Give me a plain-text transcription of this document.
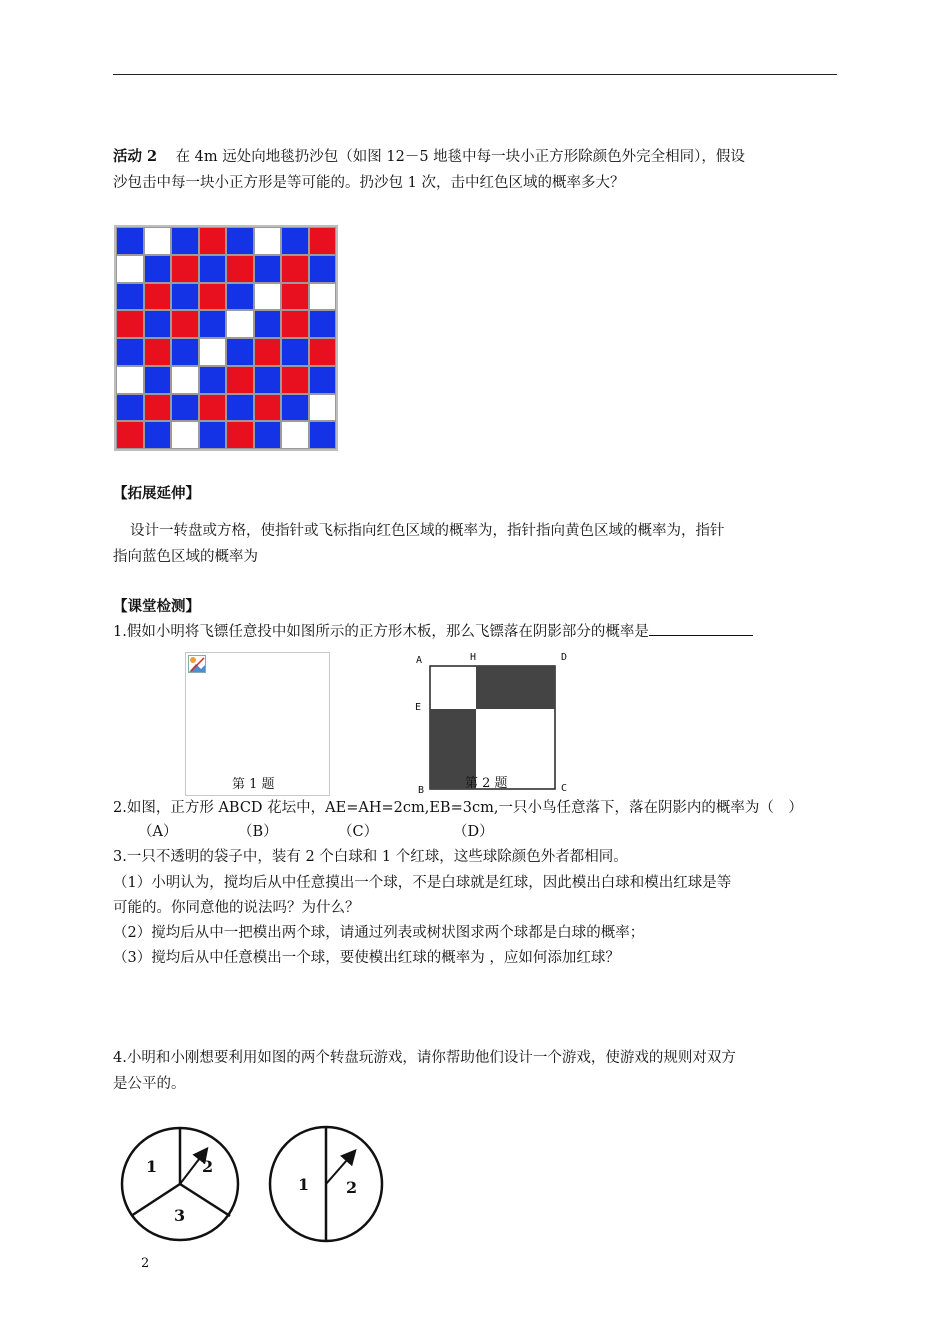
活动 2 在 4m 远处向地毯扔沙包（如图 12－5 地毯中每一块小正方形除颜色外完全相同），假设
沙包击中每一块小正方形是等可能的。扔沙包 1 次，击中红色区域的概率多大？
【拓展延伸】
设计一转盘或方格，使指针或飞标指向红色区域的概率为，指针指向黄色区域的概率为，指针
指向蓝色区域的概率为
【课堂检测】
1.假如小明将飞镖任意投中如图所示的正方形木板，那么飞镖落在阴影部分的概率是
第 1 题
A	H	D
E
B	C
第 2 题
2.如图，正方形 ABCD 花坛中，AE=AH=2cm,EB=3cm,一只小鸟任意落下，落在阴影内的概率为（　）
（A）	（B）	（C）	（D）
3.一只不透明的袋子中，装有 2 个白球和 1 个红球，这些球除颜色外者都相同。
（1）小明认为，搅均后从中任意摸出一个球，不是白球就是红球，因此模出白球和模出红球是等
可能的。你同意他的说法吗？为什么？
（2）搅均后从中一把模出两个球，请通过列表或树状图求两个球都是白球的概率；
（3）搅均后从中任意模出一个球，要使模出红球的概率为 ，应如何添加红球？
4.小明和小刚想要利用如图的两个转盘玩游戏，请你帮助他们设计一个游戏，使游戏的规则对双方
是公平的。
1	2
3
1 2
2
